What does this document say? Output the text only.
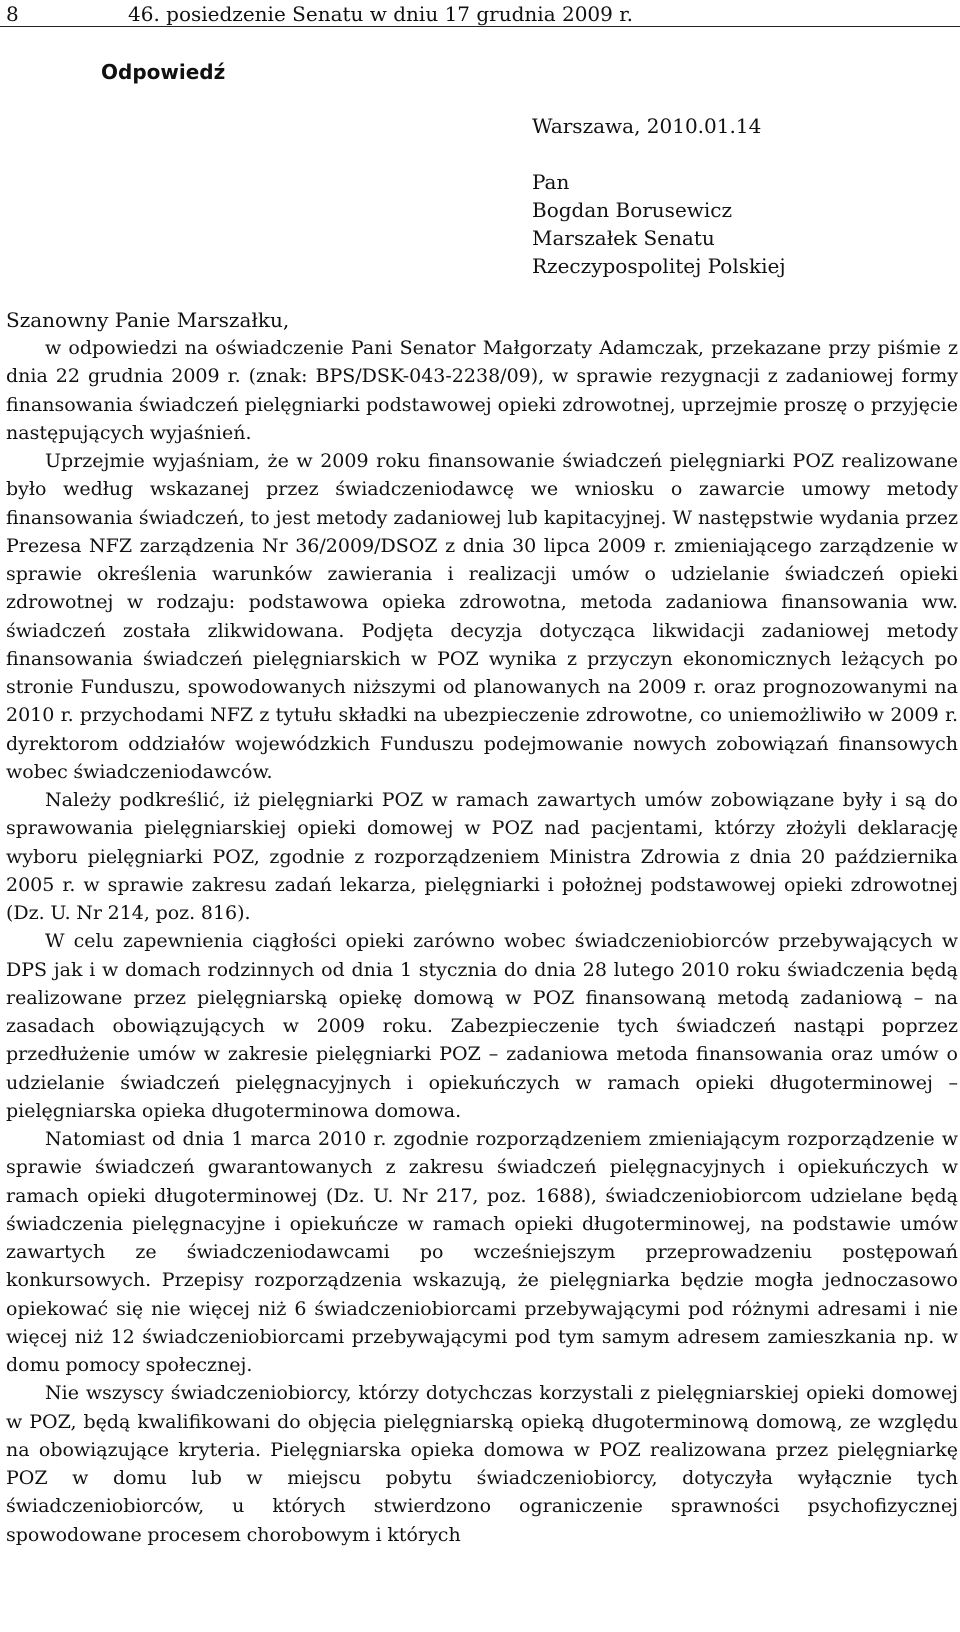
8	46. posiedzenie Senatu w dniu 17 grudnia 2009 r.
Odpowiedź
Warszawa, 2010.01.14
Pan
Bogdan Borusewicz
Marszałek Senatu
Rzeczypospolitej Polskiej
Szanowny Panie Marszałku,

w odpowiedzi na oświadczenie Pani Senator Małgorzaty Adamczak, przekazane przy piśmie z dnia 22 grudnia 2009 r. (znak: BPS/DSK-043-2238/09), w sprawie rezygnacji z zadaniowej formy finansowania świadczeń pielęgniarki podstawowej opieki zdrowotnej, uprzejmie proszę o przyjęcie następujących wyjaśnień.

Uprzejmie wyjaśniam, że w 2009 roku finansowanie świadczeń pielęgniarki POZ realizowane było według wskazanej przez świadczeniodawcę we wniosku o zawarcie umowy metody finansowania świadczeń, to jest metody zadaniowej lub kapitacyjnej. W następstwie wydania przez Prezesa NFZ zarządzenia Nr 36/2009/DSOZ z dnia 30 lipca 2009 r. zmieniającego zarządzenie w sprawie określenia warunków zawierania i realizacji umów o udzielanie świadczeń opieki zdrowotnej w rodzaju: podstawowa opieka zdrowotna, metoda zadaniowa finansowania ww. świadczeń została zlikwidowana. Podjęta decyzja dotycząca likwidacji zadaniowej metody finansowania świadczeń pielęgniarskich w POZ wynika z przyczyn ekonomicznych leżących po stronie Funduszu, spowodowanych niższymi od planowanych na 2009 r. oraz prognozowanymi na 2010 r. przychodami NFZ z tytułu składki na ubezpieczenie zdrowotne, co uniemożliwiło w 2009 r. dyrektorom oddziałów wojewódzkich Funduszu podejmowanie nowych zobowiązań finansowych wobec świadczeniodawców.

Należy podkreślić, iż pielęgniarki POZ w ramach zawartych umów zobowiązane były i są do sprawowania pielęgniarskiej opieki domowej w POZ nad pacjentami, którzy złożyli deklarację wyboru pielęgniarki POZ, zgodnie z rozporządzeniem Ministra Zdrowia z dnia 20 października 2005 r. w sprawie zakresu zadań lekarza, pielęgniarki i położnej podstawowej opieki zdrowotnej (Dz. U. Nr 214, poz. 816).

W celu zapewnienia ciągłości opieki zarówno wobec świadczeniobiorców przebywających w DPS jak i w domach rodzinnych od dnia 1 stycznia do dnia 28 lutego 2010 roku świadczenia będą realizowane przez pielęgniarską opiekę domową w POZ finansowaną metodą zadaniową – na zasadach obowiązujących w 2009 roku. Zabezpieczenie tych świadczeń nastąpi poprzez przedłużenie umów w zakresie pielęgniarki POZ – zadaniowa metoda finansowania oraz umów o udzielanie świadczeń pielęgnacyjnych i opiekuńczych w ramach opieki długoterminowej – pielęgniarska opieka długoterminowa domowa.

Natomiast od dnia 1 marca 2010 r. zgodnie rozporządzeniem zmieniającym rozporządzenie w sprawie świadczeń gwarantowanych z zakresu świadczeń pielęgnacyjnych i opiekuńczych w ramach opieki długoterminowej (Dz. U. Nr 217, poz. 1688), świadczeniobiorcom udzielane będą świadczenia pielęgnacyjne i opiekuńcze w ramach opieki długoterminowej, na podstawie umów zawartych ze świadczeniodawcami po wcześniejszym przeprowadzeniu postępowań konkursowych. Przepisy rozporządzenia wskazują, że pielęgniarka będzie mogła jednoczasowo opiekować się nie więcej niż 6 świadczeniobiorcami przebywającymi pod różnymi adresami i nie więcej niż 12 świadczeniobiorcami przebywającymi pod tym samym adresem zamieszkania np. w domu pomocy społecznej.

Nie wszyscy świadczeniobiorcy, którzy dotychczas korzystali z pielęgniarskiej opieki domowej w POZ, będą kwalifikowani do objęcia pielęgniarską opieką długoterminową domową, ze względu na obowiązujące kryteria. Pielęgniarska opieka domowa w POZ realizowana przez pielęgniarkę POZ w domu lub w miejscu pobytu świadczeniobiorcy, dotyczyła wyłącznie tych świadczeniobiorców, u których stwierdzono ograniczenie sprawności psychofizycznej spowodowane procesem chorobowym i których
